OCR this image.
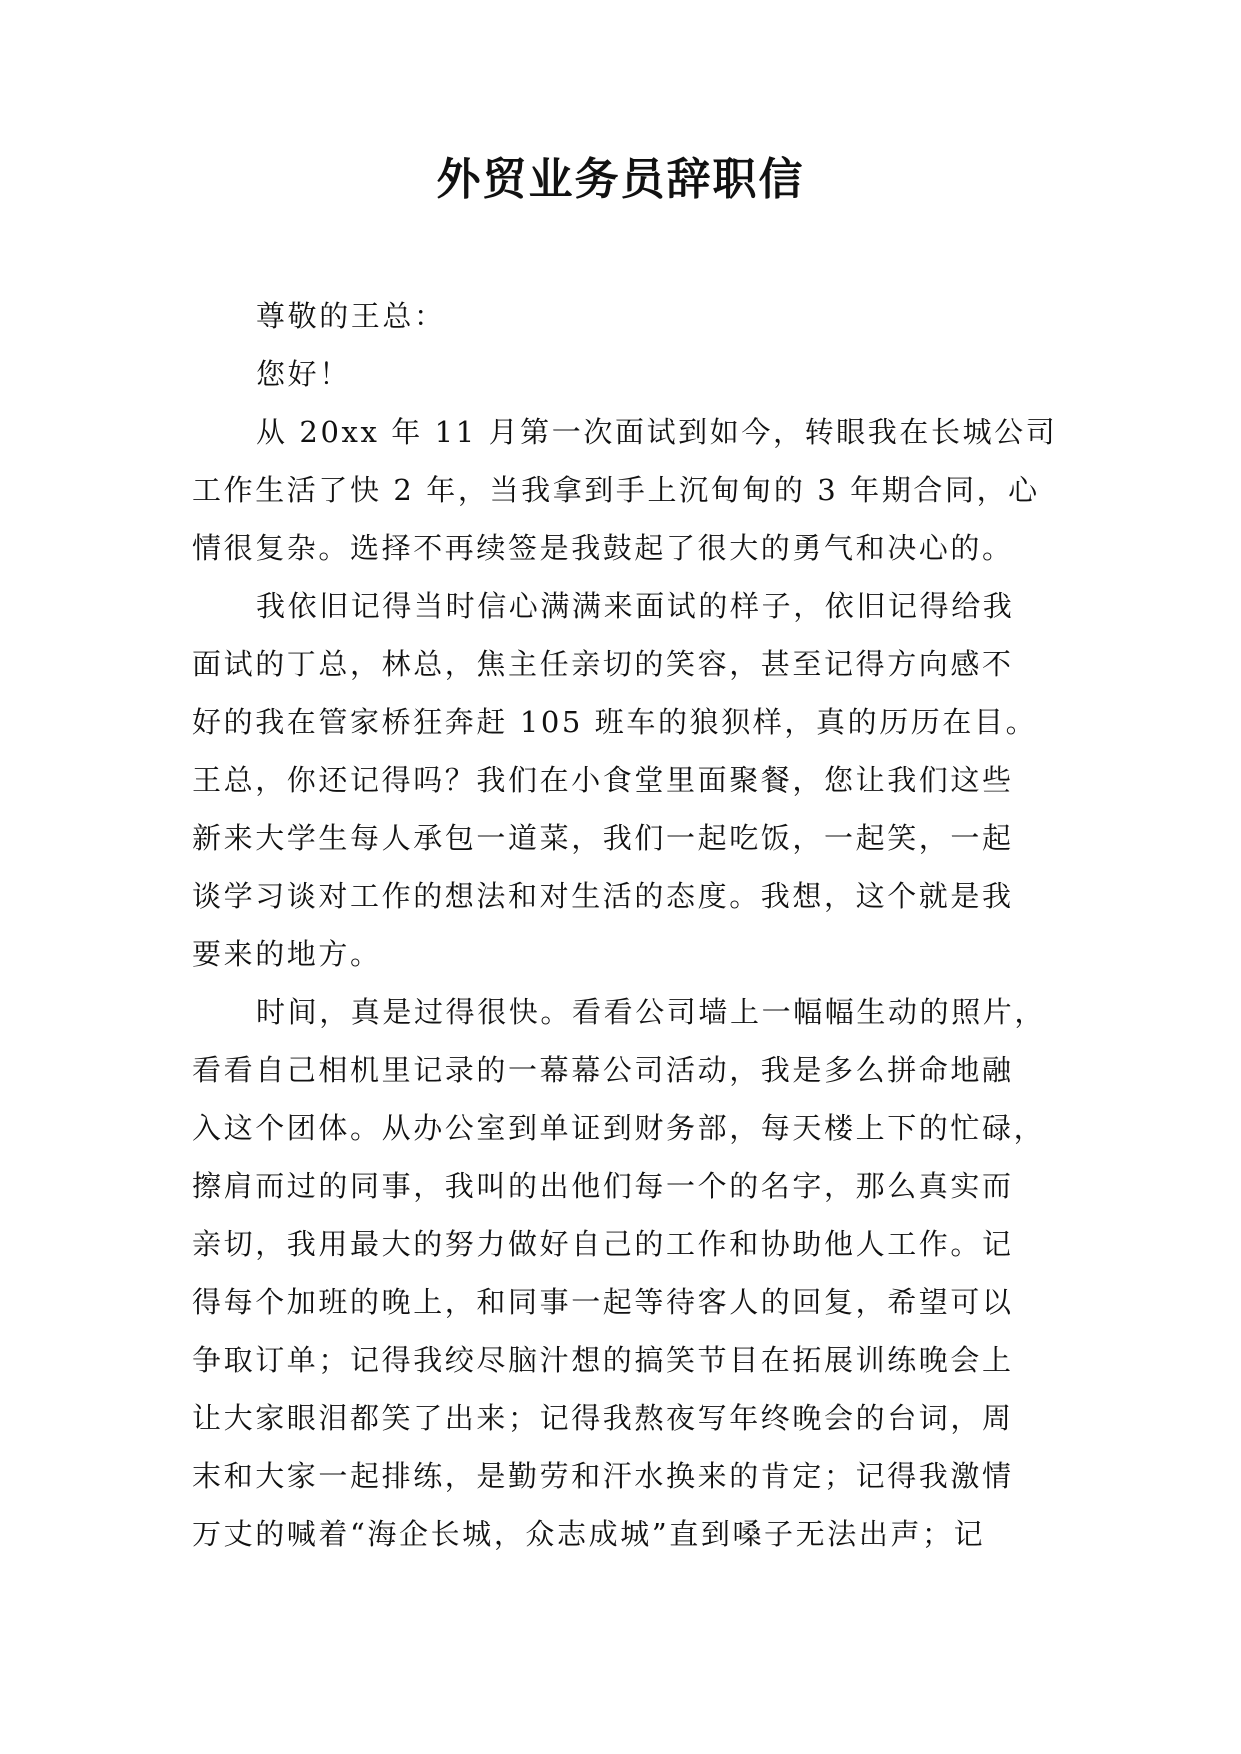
外贸业务员辞职信
尊敬的王总：
您好！
从 20xx 年 11 月第一次面试到如今，转眼我在长城公司
工作生活了快 2 年，当我拿到手上沉甸甸的 3 年期合同，心
情很复杂。选择不再续签是我鼓起了很大的勇气和决心的。
我依旧记得当时信心满满来面试的样子，依旧记得给我
面试的丁总，林总，焦主任亲切的笑容，甚至记得方向感不
好的我在管家桥狂奔赶 105 班车的狼狈样，真的历历在目。
王总，你还记得吗？我们在小食堂里面聚餐，您让我们这些
新来大学生每人承包一道菜，我们一起吃饭，一起笑，一起
谈学习谈对工作的想法和对生活的态度。我想，这个就是我
要来的地方。
时间，真是过得很快。看看公司墙上一幅幅生动的照片，
看看自己相机里记录的一幕幕公司活动，我是多么拼命地融
入这个团体。从办公室到单证到财务部，每天楼上下的忙碌，
擦肩而过的同事，我叫的出他们每一个的名字，那么真实而
亲切，我用最大的努力做好自己的工作和协助他人工作。记
得每个加班的晚上，和同事一起等待客人的回复，希望可以
争取订单；记得我绞尽脑汁想的搞笑节目在拓展训练晚会上
让大家眼泪都笑了出来；记得我熬夜写年终晚会的台词，周
末和大家一起排练，是勤劳和汗水换来的肯定；记得我激情
万丈的喊着“海企长城，众志成城”直到嗓子无法出声；记
